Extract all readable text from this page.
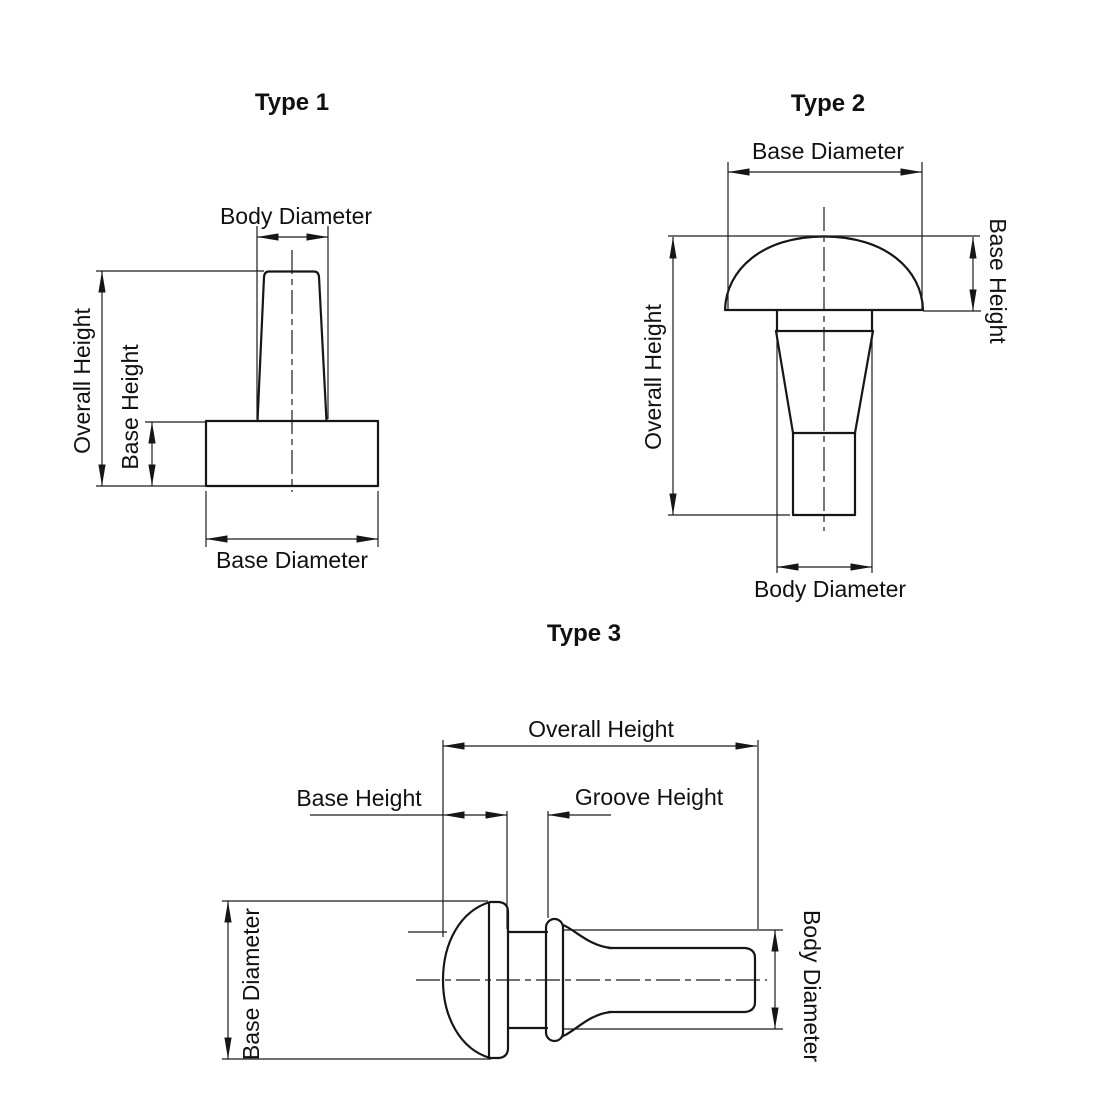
Type 1
Body Diameter
Overall Height Base Height
Base Diameter
Type 2
Base Diameter
Overall Height
Base Height
Body Diameter
Type 3
Overall Height
Base Height	Groove Height
Base Diameter	Body Diameter
